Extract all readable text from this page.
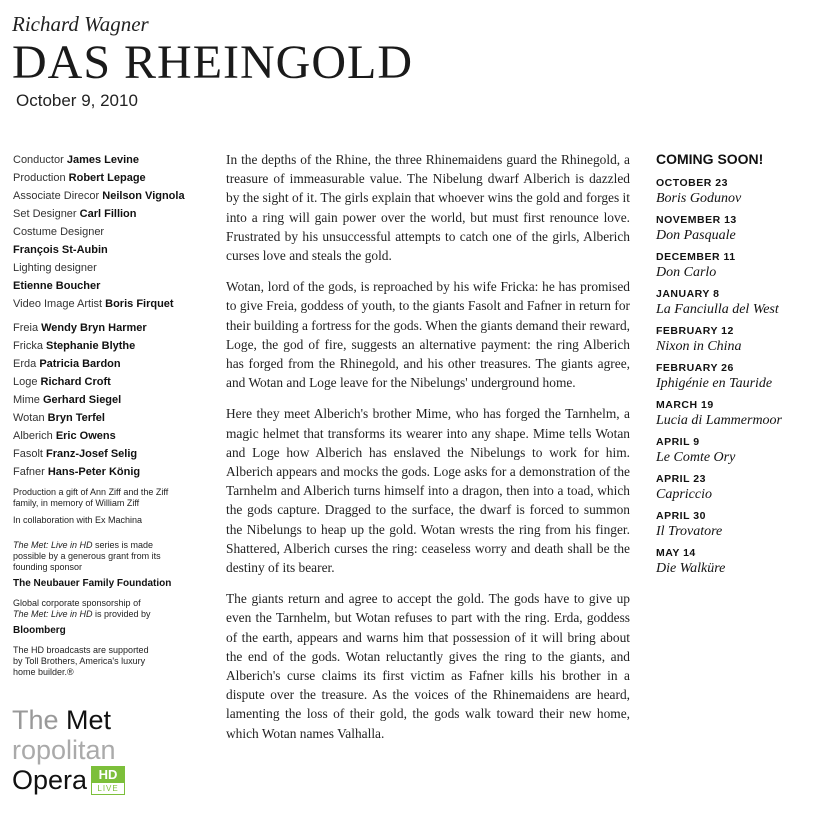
Richard Wagner
DAS RHEINGOLD
October 9, 2010
Conductor James Levine
Production Robert Lepage
Associate Direcor Neilson Vignola
Set Designer Carl Fillion
Costume Designer
François St-Aubin
Lighting designer
Etienne Boucher
Video Image Artist Boris Firquet
Freia Wendy Bryn Harmer
Fricka Stephanie Blythe
Erda Patricia Bardon
Loge Richard Croft
Mime Gerhard Siegel
Wotan Bryn Terfel
Alberich Eric Owens
Fasolt Franz-Josef Selig
Fafner Hans-Peter König
Production a gift of Ann Ziff and the Ziff
family, in memory of William Ziff
In collaboration with Ex Machina
The Met: Live in HD series is made
possible by a generous grant from its
founding sponsor
The Neubauer Family Foundation
Global corporate sponsorship of
The Met: Live in HD is provided by
Bloomberg
The HD broadcasts are supported
by Toll Brothers, America's luxury
home builder.®
The Met
ropolitan
Opera HD
LIVE

In the depths of the Rhine, the three Rhinemaidens guard the Rhinegold, a treasure of immeasurable value. The Nibelung dwarf Alberich is dazzled by the sight of it. The girls explain that whoever wins the gold and forges it into a ring will gain power over the world, but must first renounce love. Frustrated by his unsuccessful attempts to catch one of the girls, Alberich curses love and steals the gold.

Wotan, lord of the gods, is reproached by his wife Fricka: he has promised to give Freia, goddess of youth, to the giants Fasolt and Fafner in return for their building a fortress for the gods. When the giants demand their reward, Loge, the god of fire, suggests an alternative payment: the ring Alberich has forged from the Rhinegold, and his other treasures. The giants agree, and Wotan and Loge leave for the Nibelungs' underground home.

Here they meet Alberich's brother Mime, who has forged the Tarnhelm, a magic helmet that transforms its wearer into any shape. Mime tells Wotan and Loge how Alberich has enslaved the Nibelungs to work for him. Alberich appears and mocks the gods. Loge asks for a demonstration of the Tarnhelm and Alberich turns himself into a dragon, then into a toad, which the gods capture. Dragged to the surface, the dwarf is forced to summon the Nibelungs to heap up the gold. Wotan wrests the ring from his finger. Shattered, Alberich curses the ring: ceaseless worry and death shall be the destiny of its bearer.

The giants return and agree to accept the gold. The gods have to give up even the Tarnhelm, but Wotan refuses to part with the ring. Erda, goddess of the earth, appears and warns him that possession of it will bring about the end of the gods. Wotan reluctantly gives the ring to the giants, and Alberich's curse claims its first victim as Fafner kills his brother in a dispute over the treasure. As the voices of the Rhinemaidens are heard, lamenting the loss of their gold, the gods walk toward their new home, which Wotan names Valhalla.

COMING SOON!
OCTOBER 23
Boris Godunov
NOVEMBER 13
Don Pasquale
DECEMBER 11
Don Carlo
JANUARY 8
La Fanciulla del West
FEBRUARY 12
Nixon in China
FEBRUARY 26
Iphigénie en Tauride
MARCH 19
Lucia di Lammermoor
APRIL 9
Le Comte Ory
APRIL 23
Capriccio
APRIL 30
Il Trovatore
MAY 14
Die Walküre
